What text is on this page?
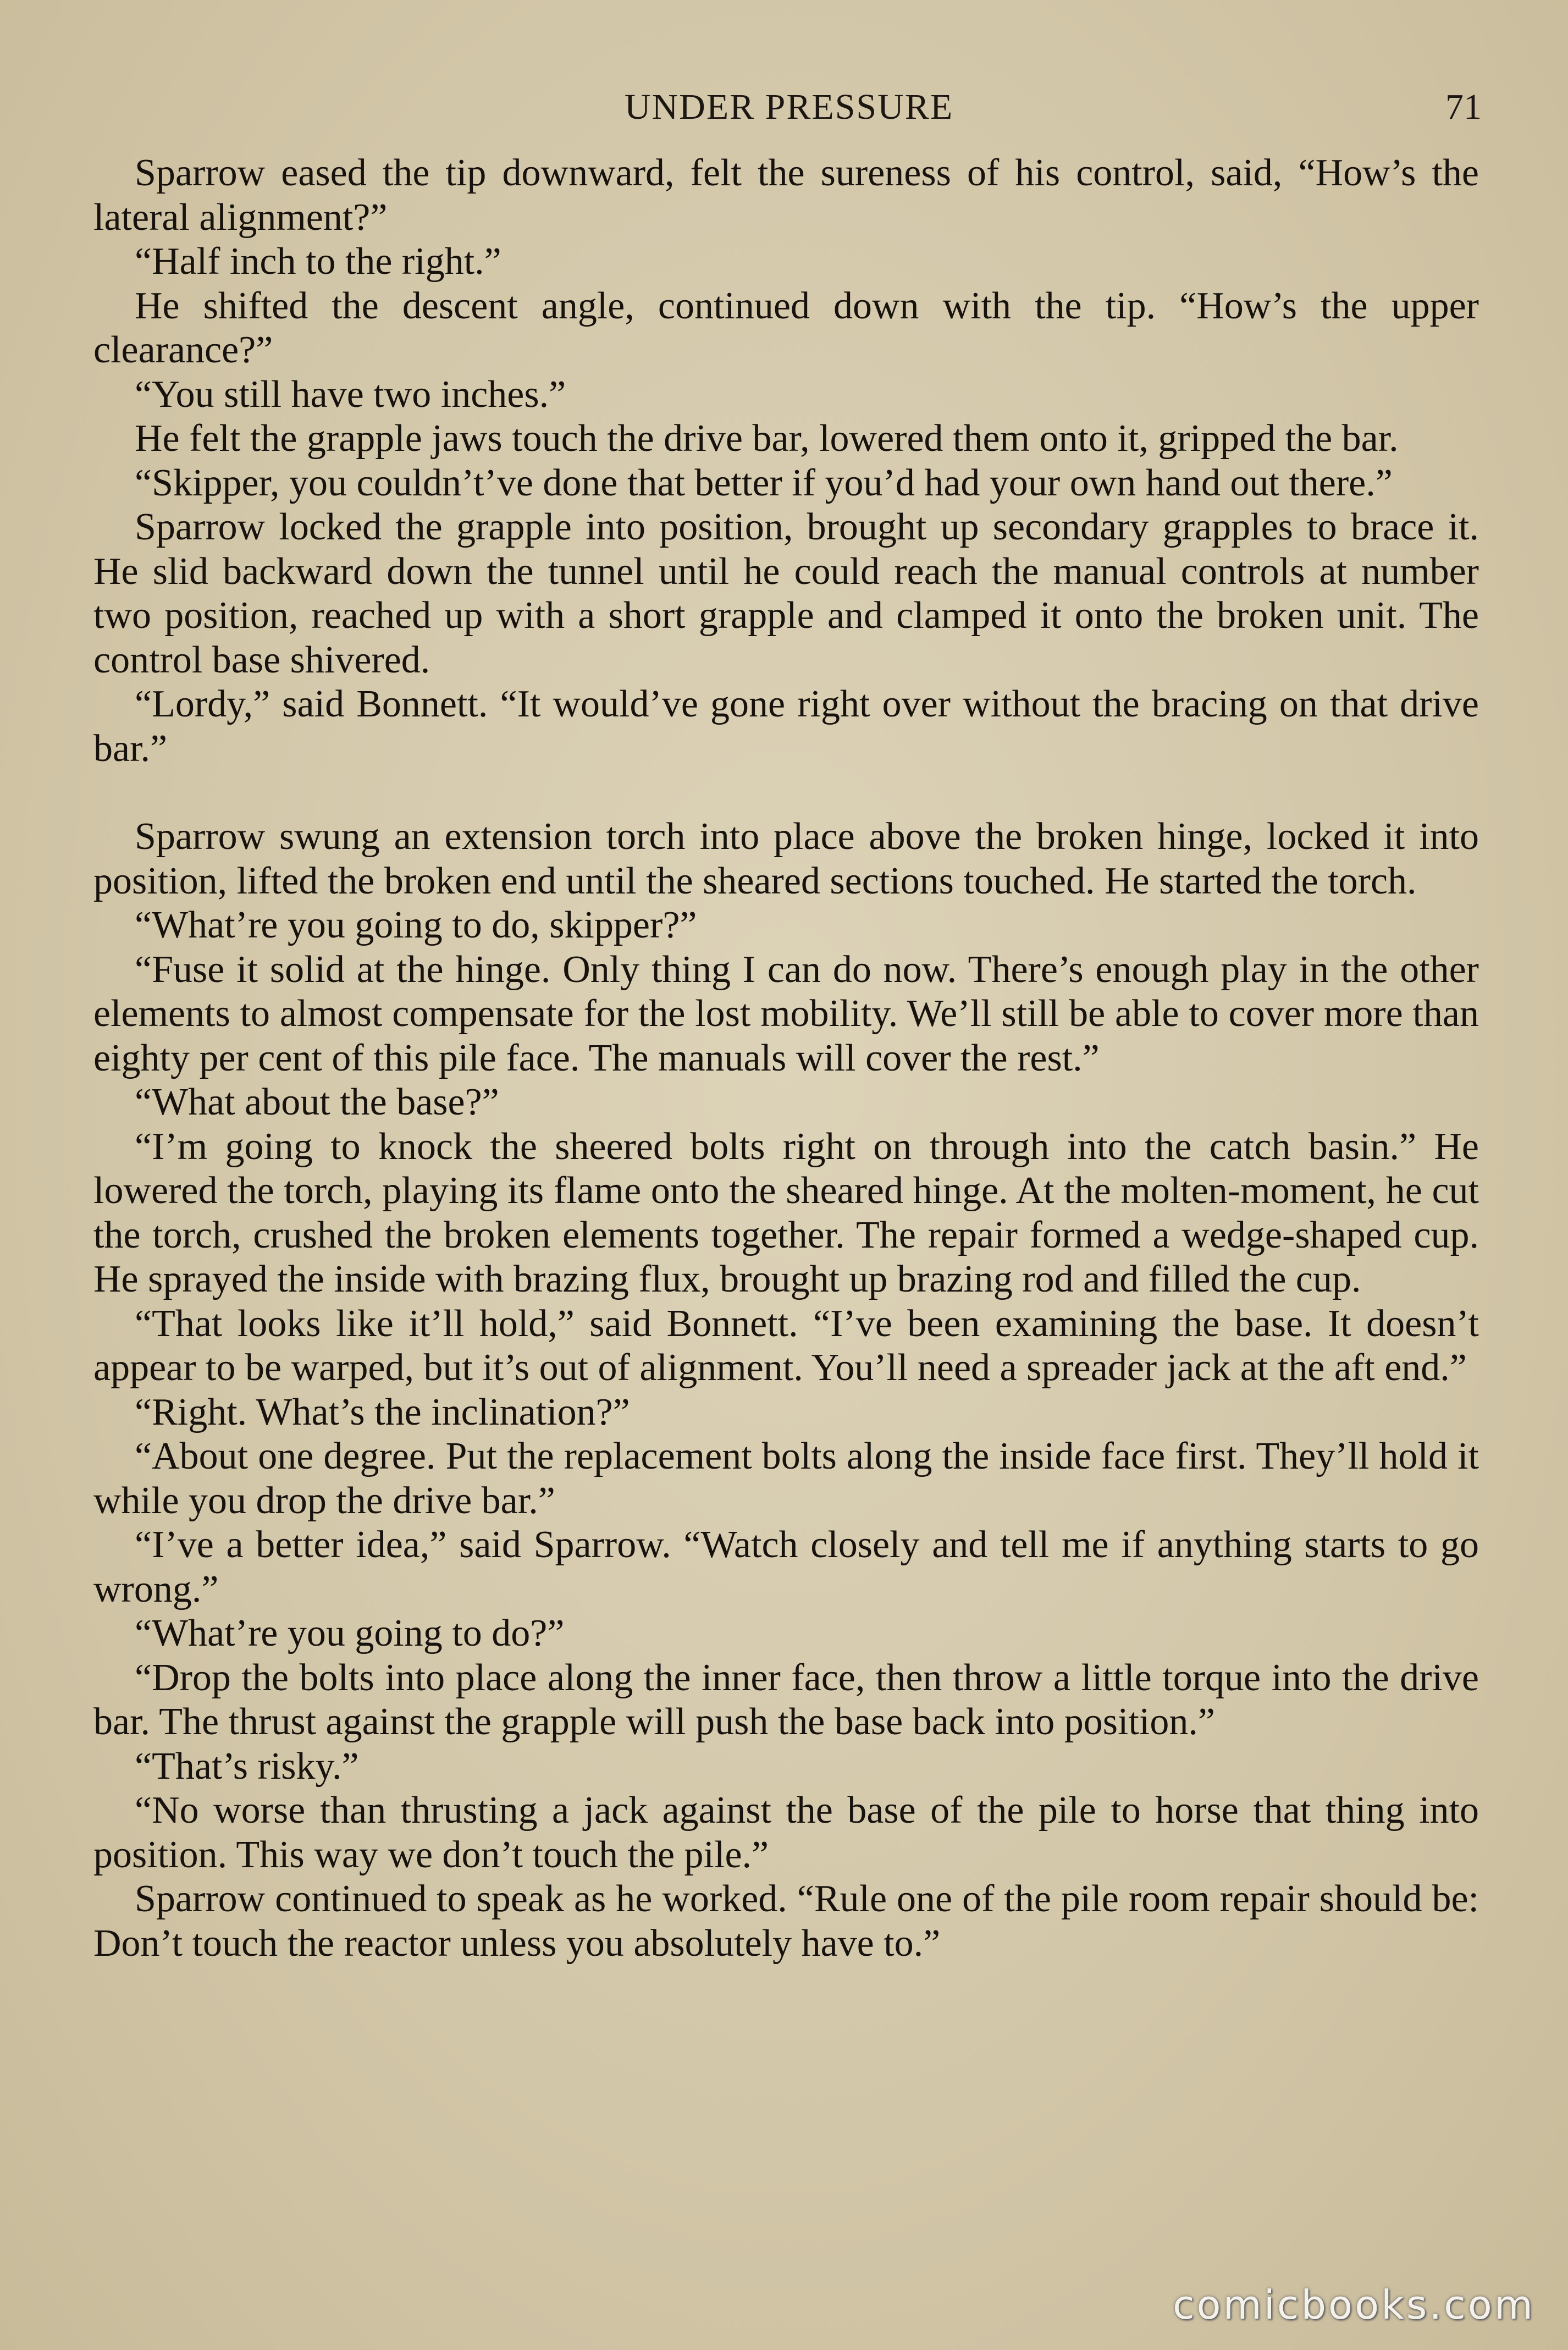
UNDER PRESSURE	71

Sparrow eased the tip downward, felt the sureness of his control, said, “How’s the lateral alignment?”

“Half inch to the right.”

He shifted the descent angle, continued down with the tip. “How’s the upper clearance?”

“You still have two inches.”

He felt the grapple jaws touch the drive bar, lowered them onto it, gripped the bar.

“Skipper, you couldn’t’ve done that better if you’d had your own hand out there.”

Sparrow locked the grapple into position, brought up secondary grapples to brace it. He slid backward down the tunnel until he could reach the manual controls at number two position, reached up with a short grapple and clamped it onto the broken unit. The control base shivered.

“Lordy,” said Bonnett. “It would’ve gone right over without the bracing on that drive bar.”

Sparrow swung an extension torch into place above the broken hinge, locked it into position, lifted the broken end until the sheared sections touched. He started the torch.

“What’re you going to do, skipper?”

“Fuse it solid at the hinge. Only thing I can do now. There’s enough play in the other elements to almost compensate for the lost mobility. We’ll still be able to cover more than eighty per cent of this pile face. The manuals will cover the rest.”

“What about the base?”

“I’m going to knock the sheered bolts right on through into the catch basin.” He lowered the torch, playing its flame onto the sheared hinge. At the molten-moment, he cut the torch, crushed the broken elements together. The repair formed a wedge-shaped cup. He sprayed the inside with brazing flux, brought up brazing rod and filled the cup.

“That looks like it’ll hold,” said Bonnett. “I’ve been examining the base. It doesn’t appear to be warped, but it’s out of alignment. You’ll need a spreader jack at the aft end.”

“Right. What’s the inclination?”

“About one degree. Put the replacement bolts along the inside face first. They’ll hold it while you drop the drive bar.”

“I’ve a better idea,” said Sparrow. “Watch closely and tell me if anything starts to go wrong.”

“What’re you going to do?”

“Drop the bolts into place along the inner face, then throw a little torque into the drive bar. The thrust against the grapple will push the base back into position.”

“That’s risky.”

“No worse than thrusting a jack against the base of the pile to horse that thing into position. This way we don’t touch the pile.”

Sparrow continued to speak as he worked. “Rule one of the pile room repair should be: Don’t touch the reactor unless you absolutely have to.”

comicbooks.com
